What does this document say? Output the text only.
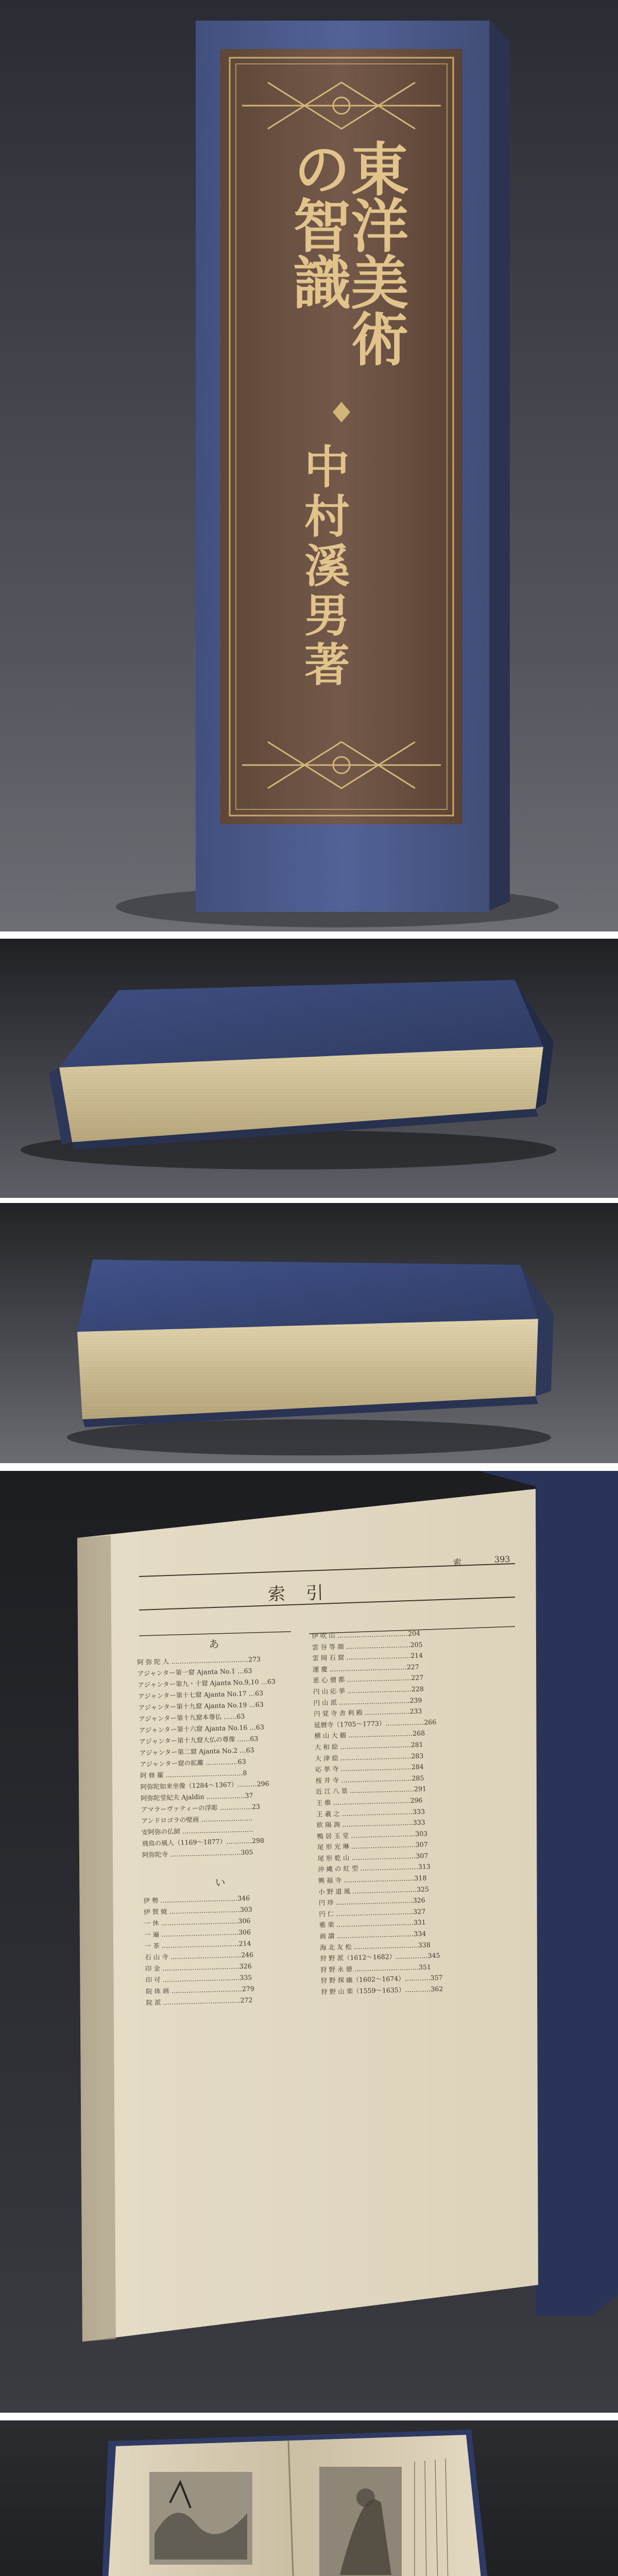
東洋美術の智識
中村溪男著
索引
393
索
あ
阿 弥 陀 人 ………………………………273
アジャンター第一窟 Ajanta No.1 …63
アジャンター第九・十窟 Ajanta No.9,10 …63
アジャンター第十七窟 Ajanta No.17 …63
アジャンター第十九窟 Ajanta No.19 …63
アジャンター第十九窟本尊仏 ……63
アジャンター第十六窟 Ajanta No.16 …63
アジャンター第十九窟大仏の尊像 ……63
アジャンター第二窟 Ajanta No.2 …63
アジャンター窟の拡離 ……………63
阿 修 羅 ………………………………8
阿弥陀如来坐像（1284〜1367）………296
阿弥陀堂紀夫 Ajaldin ………………37
アマラーヴァティーの浮彫 ……………23
アンドロゴラの壁画 ……………………
安阿弥の仏師 ……………………………
飛鳥の風人（1169〜1877）…………298
阿弥陀寺 ……………………………305
い
伊 勢 ………………………………346
伊 賀 焼 ……………………………303
一 休 ………………………………306
一 遍 ………………………………306
一 茶 ………………………………214
石 山 寺 ……………………………246
印 金 ………………………………326
印 可 ………………………………335
院 体 画 ……………………………279
院 派 ………………………………272
伊 吹 山 ……………………………204
雲 谷 等 顔 …………………………205
雲 岡 石 窟 …………………………214
運 慶 ………………………………227
恵 心 僧 都 …………………………227
円 山 応 挙 …………………………228
円 山 派 ……………………………239
円 覚 寺 舎 利 殿 …………………233
延暦寺（1705〜1773）………………266
横 山 大 観 …………………………268
大 和 絵 ……………………………281
大 津 絵 ……………………………283
応 挙 寺 ……………………………284
桜 井 寺 ……………………………285
近 江 八 景 …………………………291
王 維 ………………………………296
王 羲 之 ……………………………333
欧 陽 詢 ……………………………333
鴨 居 玉 堂 …………………………303
尾 形 光 琳 …………………………307
尾 形 乾 山 …………………………307
沖 縄 の 紅 型 ………………………313
興 福 寺 ……………………………318
小 野 道 風 …………………………325
円 珍 ………………………………326
円 仁 ………………………………327
雅 楽 ………………………………331
画 讃 ………………………………334
海 北 友 松 …………………………338
狩 野 派（1612〜1682）……………345
狩 野 永 徳 …………………………351
狩 野 探 幽（1602〜1674）…………357
狩 野 山 楽（1559〜1635）…………362
